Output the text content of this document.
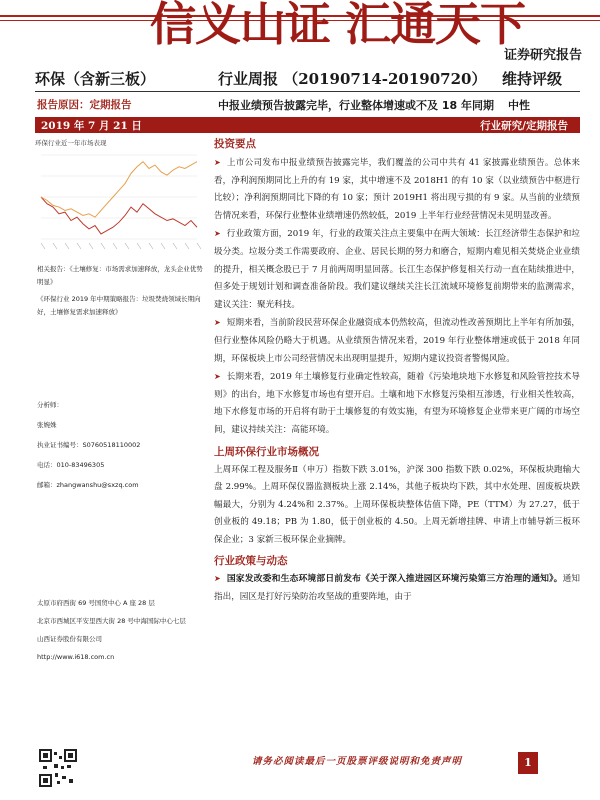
信义山证 汇通天下
证券研究报告
环保（含新三板）	行业周报 （20190714-20190720） 维持评级
报告原因：定期报告	中报业绩预告披露完毕，行业整体增速或不及 18 年同期 中性
2019 年 7 月 21 日	行业研究/定期报告
环保行业近一年市场表现
相关报告：《土壤修复：市场需求加速释放，龙头企业优势明显》
《环保行业 2019 年中期策略报告：垃圾焚烧领域长期向好，土壤修复需求加速释放》
分析师：
张婉姝
执业证书编号：S0760518110002
电话：010-83496305
邮箱：zhangwanshu@sxzq.com
太原市府西街 69 号国贸中心 A 座 28 层
北京市西城区平安里西大街 28 号中海国际中心七层
山西证券股份有限公司
http://www.i618.com.cn
投资要点
➤ 上市公司发布中报业绩预告披露完毕，我们覆盖的公司中共有 41 家披露业绩预告。总体来看，净利润预期同比上升的有 19 家，其中增速不及 2018H1 的有 10 家（以业绩预告中枢进行比较）；净利润预期同比下降的有 10 家；预计 2019H1 将出现亏损的有 9 家。从当前的业绩预告情况来看，环保行业整体业绩增速仍然较低，2019 上半年行业经营情况未见明显改善。
➤ 行业政策方面，2019 年，行业的政策关注点主要集中在两大领域：长江经济带生态保护和垃圾分类。垃圾分类工作需要政府、企业、居民长期的努力和磨合，短期内难见相关焚烧企业业绩的提升，相关概念股已于 7 月前两周明显回落。长江生态保护修复相关行动一直在陆续推进中，但多处于规划计划和调查准备阶段。我们建议继续关注长江流域环境修复前期带来的监测需求，建议关注：聚光科技。
➤ 短期来看，当前阶段民营环保企业融资成本仍然较高，但流动性改善预期比上半年有所加强，但行业整体风险仍略大于机遇。从业绩预告情况来看，2019 年行业整体增速或低于 2018 年同期，环保板块上市公司经营情况未出现明显提升，短期内建议投资者警惕风险。
➤ 长期来看，2019 年土壤修复行业确定性较高，随着《污染地块地下水修复和风险管控技术导则》的出台，地下水修复市场也有望开启。土壤和地下水修复污染相互渗透，行业相关性较高，地下水修复市场的开启将有助于土壤修复的有效实施，有望为环境修复企业带来更广阔的市场空间，建议持续关注：高能环境。
上周环保行业市场概况
上周环保工程及服务Ⅱ（申万）指数下跌 3.01%，沪深 300 指数下跌 0.02%，环保板块跑输大盘 2.99%。上周环保仪器监测板块上涨 2.14%，其他子板块均下跌，其中水处理、固废板块跌幅最大，分别为 4.24%和 2.37%。上周环保板块整体估值下降，PE（TTM）为 27.27，低于创业板的 49.18；PB 为 1.80，低于创业板的 4.50。上周无新增挂牌、申请上市辅导新三板环保企业；3 家新三板环保企业摘牌。
行业政策与动态
➤ 国家发改委和生态环境部日前发布《关于深入推进园区环境污染第三方治理的通知》。通知指出，园区是打好污染防治攻坚战的重要阵地，由于
请务必阅读最后一页股票评级说明和免责声明	1
